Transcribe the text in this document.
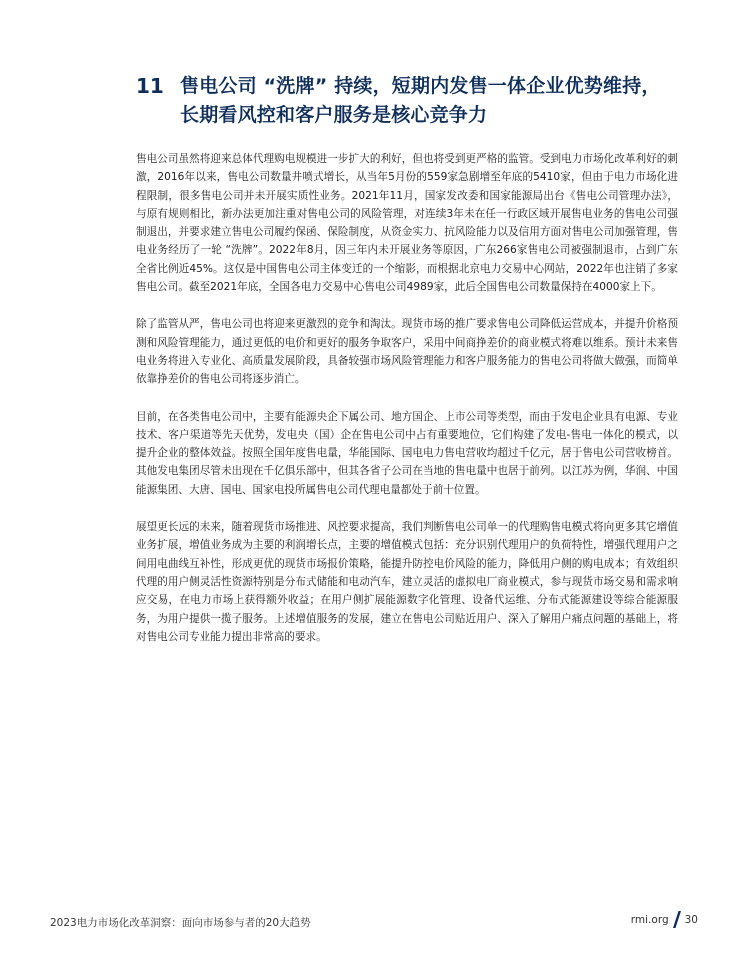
11 售电公司 “洗牌” 持续，短期内发售一体企业优势维持，
长期看风控和客户服务是核心竞争力

售电公司虽然将迎来总体代理购电规模进一步扩大的利好，但也将受到更严格的监管。受到电力市场化改革利好的刺激，2016年以来，售电公司数量井喷式增长，从当年5月份的559家急剧增至年底的5410家，但由于电力市场化进程限制，很多售电公司并未开展实质性业务。2021年11月，国家发改委和国家能源局出台《售电公司管理办法》，与原有规则相比，新办法更加注重对售电公司的风险管理，对连续3年未在任一行政区域开展售电业务的售电公司强制退出，并要求建立售电公司履约保函、保险制度，从资金实力、抗风险能力以及信用方面对售电公司加强管理，售电业务经历了一轮 “洗牌”。2022年8月，因三年内未开展业务等原因，广东266家售电公司被强制退市，占到广东全省比例近45%。这仅是中国售电公司主体变迁的一个缩影，而根据北京电力交易中心网站，2022年也注销了多家售电公司。截至2021年底，全国各电力交易中心售电公司4989家，此后全国售电公司数量保持在4000家上下。

除了监管从严，售电公司也将迎来更激烈的竞争和淘汰。现货市场的推广要求售电公司降低运营成本，并提升价格预测和风险管理能力，通过更低的电价和更好的服务争取客户，采用中间商挣差价的商业模式将难以维系。预计未来售电业务将进入专业化、高质量发展阶段，具备较强市场风险管理能力和客户服务能力的售电公司将做大做强，而简单依靠挣差价的售电公司将逐步消亡。

目前，在各类售电公司中，主要有能源央企下属公司、地方国企、上市公司等类型，而由于发电企业具有电源、专业技术、客户渠道等先天优势，发电央（国）企在售电公司中占有重要地位，它们构建了发电-售电一体化的模式，以提升企业的整体效益。按照全国年度售电量，华能国际、国电电力售电营收均超过千亿元，居于售电公司营收榜首。其他发电集团尽管未出现在千亿俱乐部中，但其各省子公司在当地的售电量中也居于前列。以江苏为例，华润、中国能源集团、大唐、国电、国家电投所属售电公司代理电量都处于前十位置。

展望更长远的未来，随着现货市场推进、风控要求提高，我们判断售电公司单一的代理购售电模式将向更多其它增值业务扩展，增值业务成为主要的利润增长点，主要的增值模式包括：充分识别代理用户的负荷特性，增强代理用户之间用电曲线互补性，形成更优的现货市场报价策略，能提升防控电价风险的能力，降低用户侧的购电成本；有效组织代理的用户侧灵活性资源特别是分布式储能和电动汽车，建立灵活的虚拟电厂商业模式，参与现货市场交易和需求响应交易，在电力市场上获得额外收益；在用户侧扩展能源数字化管理、设备代运维、分布式能源建设等综合能源服务，为用户提供一揽子服务。上述增值服务的发展，建立在售电公司贴近用户、深入了解用户痛点问题的基础上，将对售电公司专业能力提出非常高的要求。

2023电力市场化改革洞察：面向市场参与者的20大趋势	rmi.org 30
